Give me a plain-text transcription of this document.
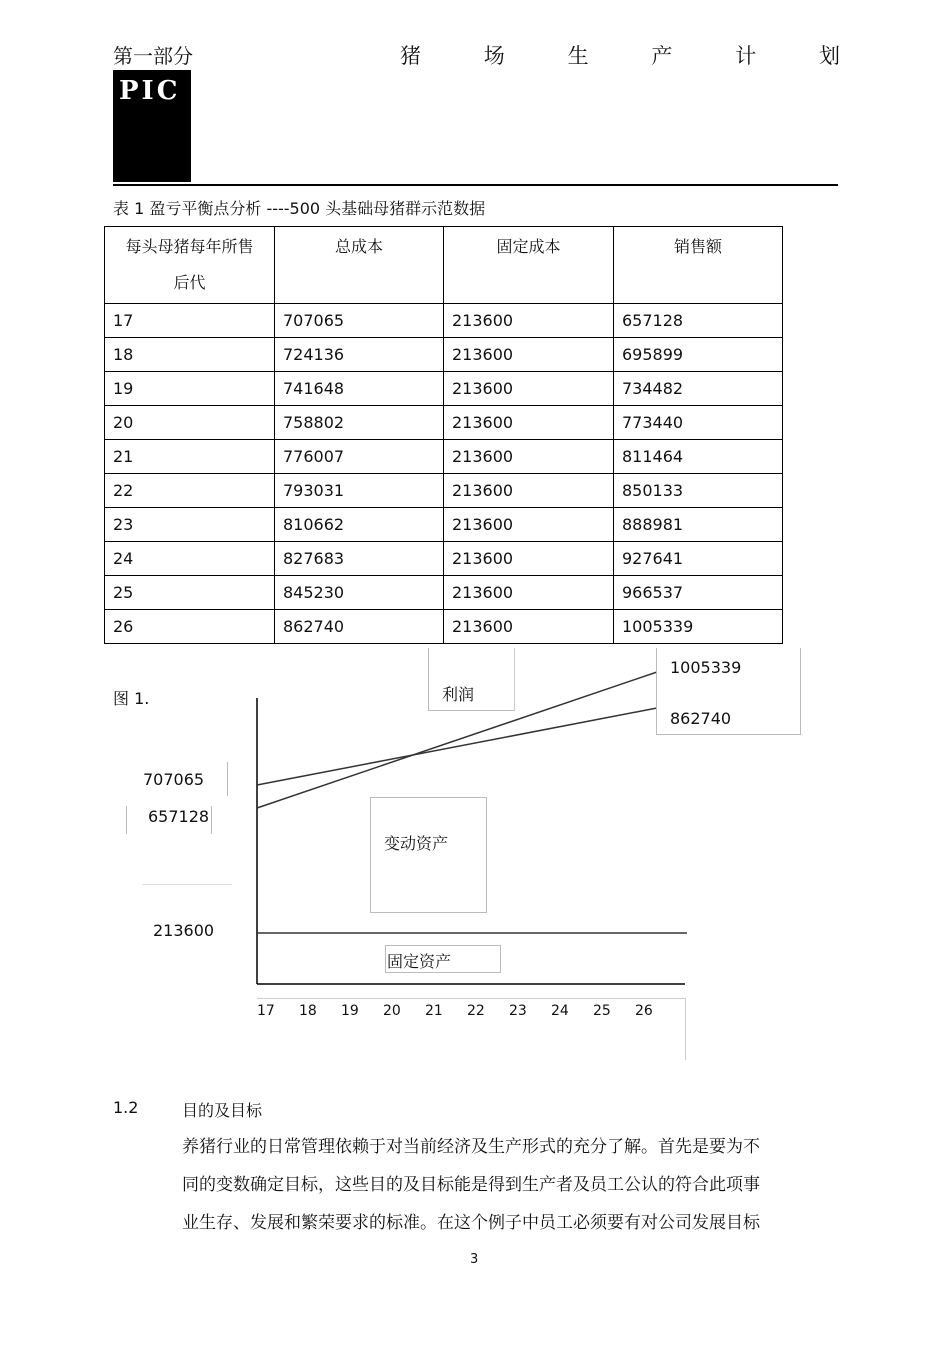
第一部分	猪	场	生	产	计	划
PIC
表 1 盈亏平衡点分析 ----500 头基础母猪群示范数据
每头母猪每年所售后代	总成本	固定成本	销售额
17	707065	213600	657128
18	724136	213600	695899
19	741648	213600	734482
20	758802	213600	773440
21	776007	213600	811464
22	793031	213600	850133
23	810662	213600	888981
24	827683	213600	927641
25	845230	213600	966537
26	862740	213600	1005339
图 1.	利润
1005339
862740
707065
657128
变动资产
213600
固定资产
17 18 19 20 21 22 23 24 25 26
1.2	目的及目标
养猪行业的日常管理依赖于对当前经济及生产形式的充分了解。首先是要为不
同的变数确定目标，这些目的及目标能是得到生产者及员工公认的符合此项事
业生存、发展和繁荣要求的标准。在这个例子中员工必须要有对公司发展目标
3
